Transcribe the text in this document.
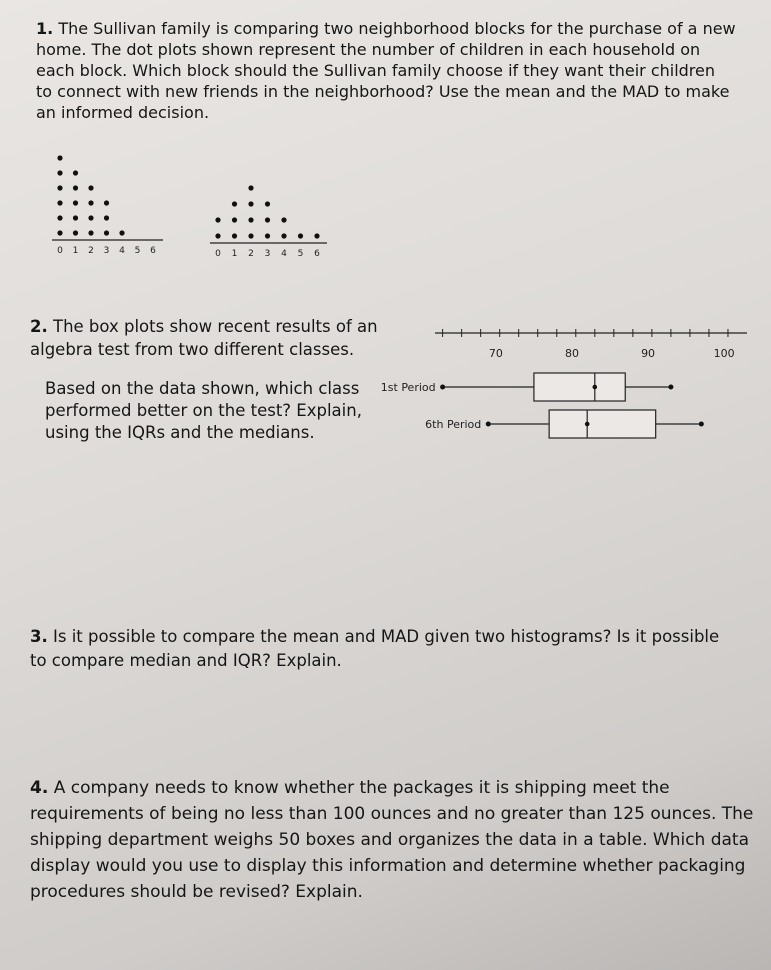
1. The Sullivan family is comparing two neighborhood blocks for the purchase of a new home. The dot plots shown represent the number of children in each household on each block. Which block should the Sullivan family choose if they want their children to connect with new friends in the neighborhood? Use the mean and the MAD to make an informed decision.
0 1 2 3 4 5 6	0 1 2 3 4 5 6
2. The box plots show recent results of an algebra test from two different classes.
Based on the data shown, which class performed better on the test? Explain, using the IQRs and the medians.
70	80	90	100
1st Period
6th Period
3. Is it possible to compare the mean and MAD given two histograms? Is it possible to compare median and IQR? Explain.
4. A company needs to know whether the packages it is shipping meet the requirements of being no less than 100 ounces and no greater than 125 ounces. The shipping department weighs 50 boxes and organizes the data in a table. Which data display would you use to display this information and determine whether packaging procedures should be revised? Explain.
